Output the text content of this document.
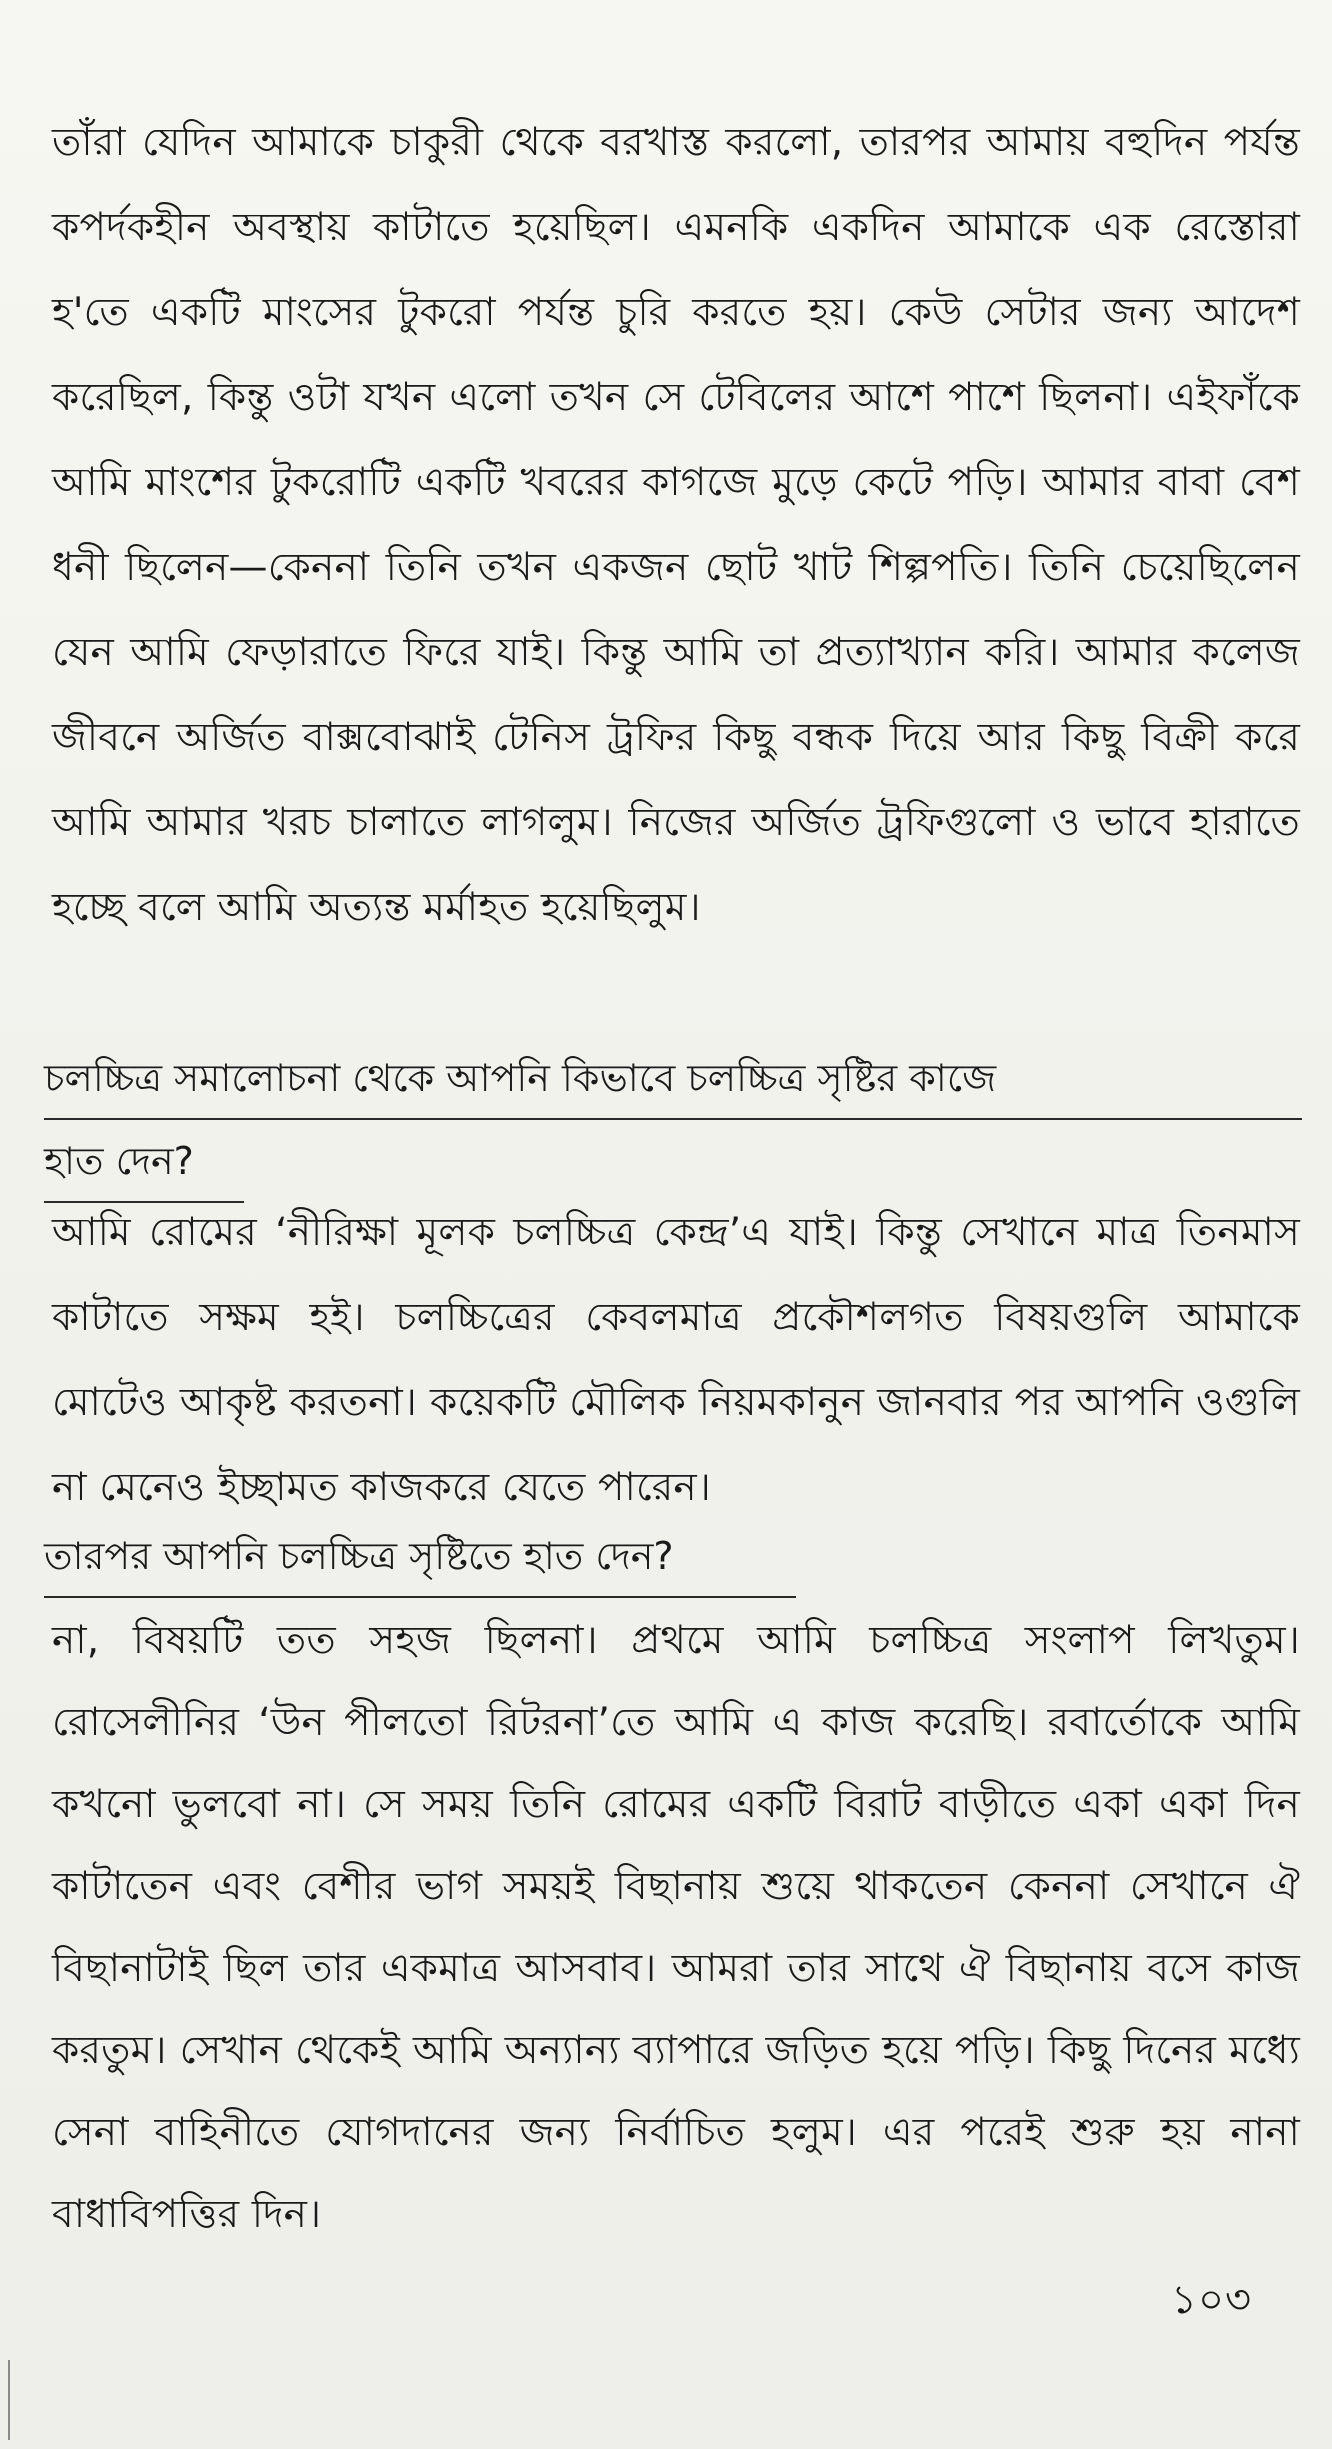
তাঁরা যেদিন আমাকে চাকুরী থেকে বরখাস্ত করলো, তারপর আমায় বহুদিন পর্যন্ত কপর্দকহীন অবস্থায় কাটাতে হয়েছিল। এমনকি একদিন আমাকে এক রেস্তোরা হ'তে একটি মাংসের টুকরো পর্যন্ত চুরি করতে হয়। কেউ সেটার জন্য আদেশ করেছিল, কিন্তু ওটা যখন এলো তখন সে টেবিলের আশে পাশে ছিলনা। এইফাঁকে আমি মাংশের টুকরোটি একটি খবরের কাগজে মুড়ে কেটে পড়ি। আমার বাবা বেশ ধনী ছিলেন—কেননা তিনি তখন একজন ছোট খাট শিল্পপতি। তিনি চেয়েছিলেন যেন আমি ফেড়ারাতে ফিরে যাই। কিন্তু আমি তা প্রত্যাখ্যান করি। আমার কলেজ জীবনে অর্জিত বাক্সবোঝাই টেনিস ট্রফির কিছু বন্ধক দিয়ে আর কিছু বিক্রী করে আমি আমার খরচ চালাতে লাগলুম। নিজের অর্জিত ট্রফিগুলো ও ভাবে হারাতে হচ্ছে বলে আমি অত্যন্ত মর্মাহত হয়েছিলুম।

চলচ্চিত্র সমালোচনা থেকে আপনি কিভাবে চলচ্চিত্র সৃষ্টির কাজে
হাত দেন?

আমি রোমের ‘নীরিক্ষা মূলক চলচ্চিত্র কেন্দ্র’এ যাই। কিন্তু সেখানে মাত্র তিনমাস কাটাতে সক্ষম হই। চলচ্চিত্রের কেবলমাত্র প্রকৌশলগত বিষয়গুলি আমাকে মোটেও আকৃষ্ট করতনা। কয়েকটি মৌলিক নিয়মকানুন জানবার পর আপনি ওগুলি না মেনেও ইচ্ছামত কাজকরে যেতে পারেন।

তারপর আপনি চলচ্চিত্র সৃষ্টিতে হাত দেন?

না, বিষয়টি তত সহজ ছিলনা। প্রথমে আমি চলচ্চিত্র সংলাপ লিখতুম। রোসেলীনির ‘উন পীলতো রিটরনা’তে আমি এ কাজ করেছি। রবার্তোকে আমি কখনো ভুলবো না। সে সময় তিনি রোমের একটি বিরাট বাড়ীতে একা একা দিন কাটাতেন এবং বেশীর ভাগ সময়ই বিছানায় শুয়ে থাকতেন কেননা সেখানে ঐ বিছানাটাই ছিল তার একমাত্র আসবাব। আমরা তার সাথে ঐ বিছানায় বসে কাজ করতুম। সেখান থেকেই আমি অন্যান্য ব্যাপারে জড়িত হয়ে পড়ি। কিছু দিনের মধ্যে সেনা বাহিনীতে যোগদানের জন্য নির্বাচিত হলুম। এর পরেই শুরু হয় নানা বাধাবিপত্তির দিন।

১০৩
